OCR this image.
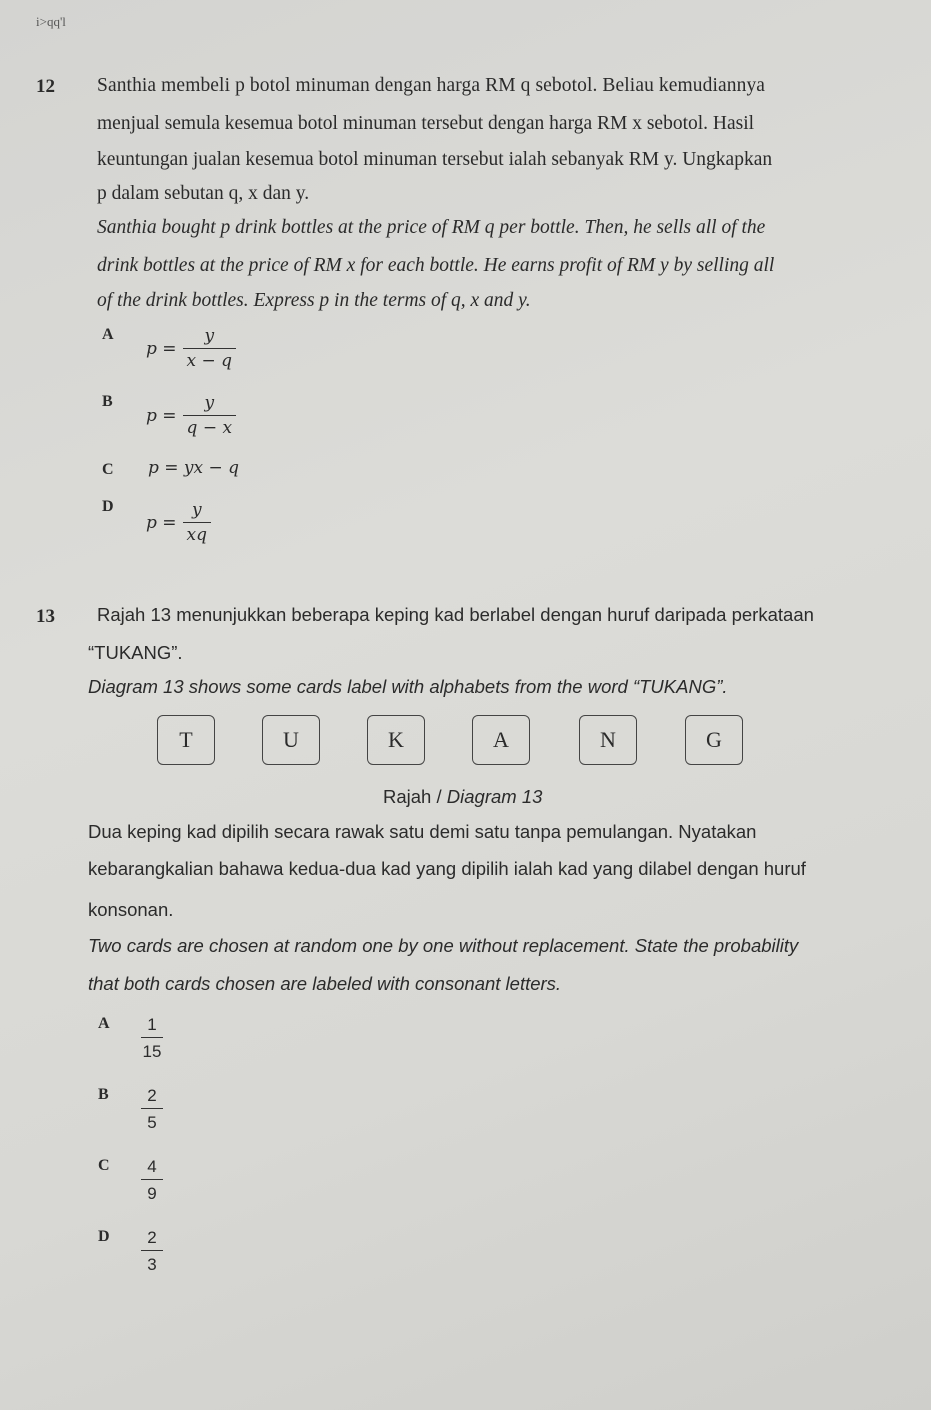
i>qq'l
12 Santhia membeli p botol minuman dengan harga RM q sebotol. Beliau kemudiannya
menjual semula kesemua botol minuman tersebut dengan harga RM x sebotol. Hasil
keuntungan jualan kesemua botol minuman tersebut ialah sebanyak RM y. Ungkapkan
p dalam sebutan q, x dan y.
Santhia bought p drink bottles at the price of RM q per bottle. Then, he sells all of the
drink bottles at the price of RM x for each bottle. He earns profit of RM y by selling all
of the drink bottles. Express p in the terms of q, x and y.
A
$p = \frac{y}{x - q}$
B
$p = \frac{y}{q - x}$
C p = yx − q
D
$p = \frac{y}{xq}$
13 Rajah 13 menunjukkan beberapa keping kad berlabel dengan huruf daripada perkataan
“TUKANG”.
Diagram 13 shows some cards label with alphabets from the word “TUKANG”.
T	U	K	A	N	G
Rajah / Diagram 13
Dua keping kad dipilih secara rawak satu demi satu tanpa pemulangan. Nyatakan
kebarangkalian bahawa kedua-dua kad yang dipilih ialah kad yang dilabel dengan huruf
konsonan.
Two cards are chosen at random one by one without replacement. State the probability
that both cards chosen are labeled with consonant letters.
A $\frac{1}{15}$
B $\frac{2}{5}$
C $\frac{4}{9}$
D $\frac{2}{3}$
